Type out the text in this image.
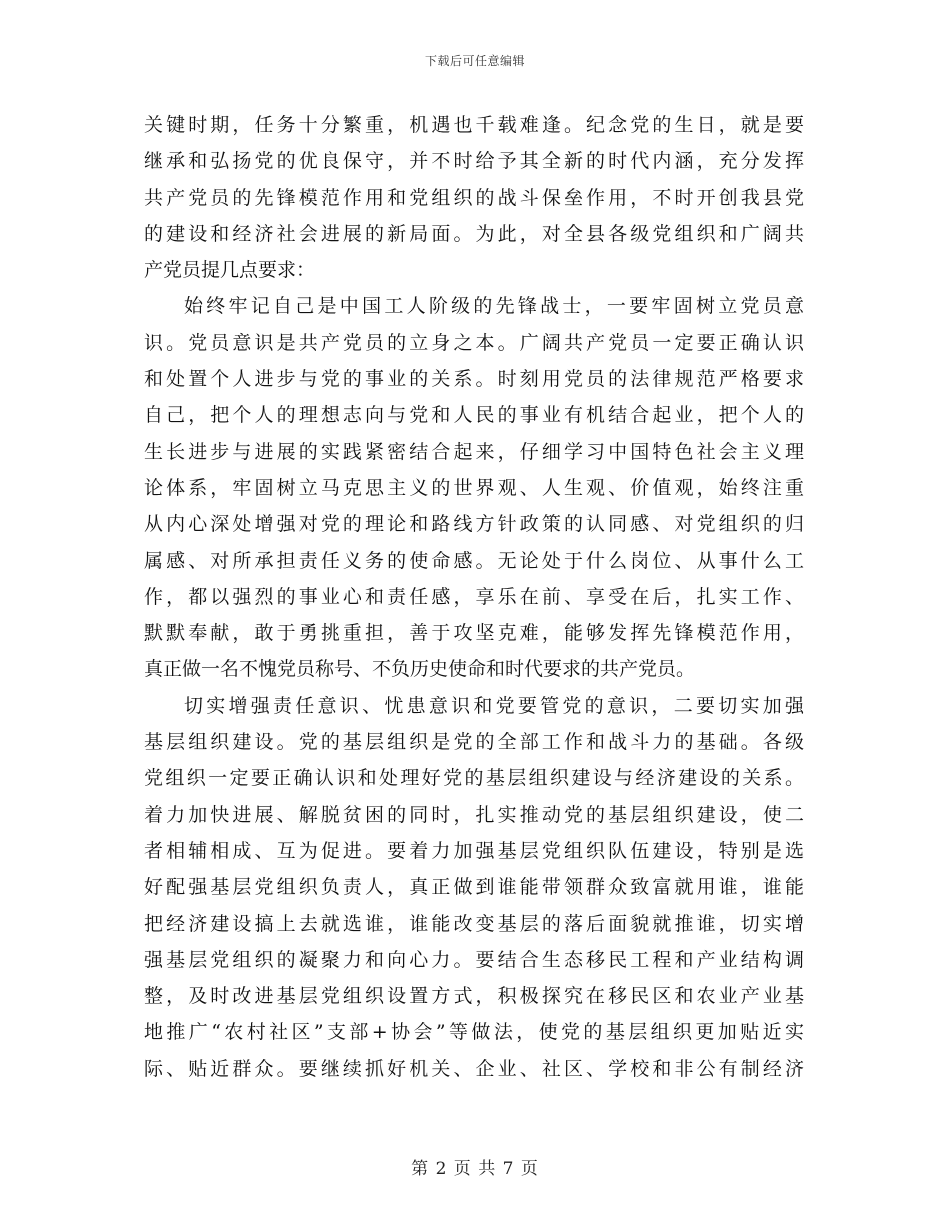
下载后可任意编辑
关键时期，任务十分繁重，机遇也千载难逢。纪念党的生日，就是要
继承和弘扬党的优良保守，并不时给予其全新的时代内涵，充分发挥
共产党员的先锋模范作用和党组织的战斗保垒作用，不时开创我县党
的建设和经济社会进展的新局面。为此，对全县各级党组织和广阔共
产党员提几点要求：
始终牢记自己是中国工人阶级的先锋战士，一要牢固树立党员意
识。党员意识是共产党员的立身之本。广阔共产党员一定要正确认识
和处置个人进步与党的事业的关系。时刻用党员的法律规范严格要求
自己，把个人的理想志向与党和人民的事业有机结合起业，把个人的
生长进步与进展的实践紧密结合起来，仔细学习中国特色社会主义理
论体系，牢固树立马克思主义的世界观、人生观、价值观，始终注重
从内心深处增强对党的理论和路线方针政策的认同感、对党组织的归
属感、对所承担责任义务的使命感。无论处于什么岗位、从事什么工
作，都以强烈的事业心和责任感，享乐在前、享受在后，扎实工作、
默默奉献，敢于勇挑重担，善于攻坚克难，能够发挥先锋模范作用，
真正做一名不愧党员称号、不负历史使命和时代要求的共产党员。
切实增强责任意识、忧患意识和党要管党的意识，二要切实加强
基层组织建设。党的基层组织是党的全部工作和战斗力的基础。各级
党组织一定要正确认识和处理好党的基层组织建设与经济建设的关系。
着力加快进展、解脱贫困的同时，扎实推动党的基层组织建设，使二
者相辅相成、互为促进。要着力加强基层党组织队伍建设，特别是选
好配强基层党组织负责人，真正做到谁能带领群众致富就用谁，谁能
把经济建设搞上去就选谁，谁能改变基层的落后面貌就推谁，切实增
强基层党组织的凝聚力和向心力。要结合生态移民工程和产业结构调
整，及时改进基层党组织设置方式，积极探究在移民区和农业产业基
地推广“农村社区”支部+协会”等做法，使党的基层组织更加贴近实
际、贴近群众。要继续抓好机关、企业、社区、学校和非公有制经济
第 2 页 共 7 页
